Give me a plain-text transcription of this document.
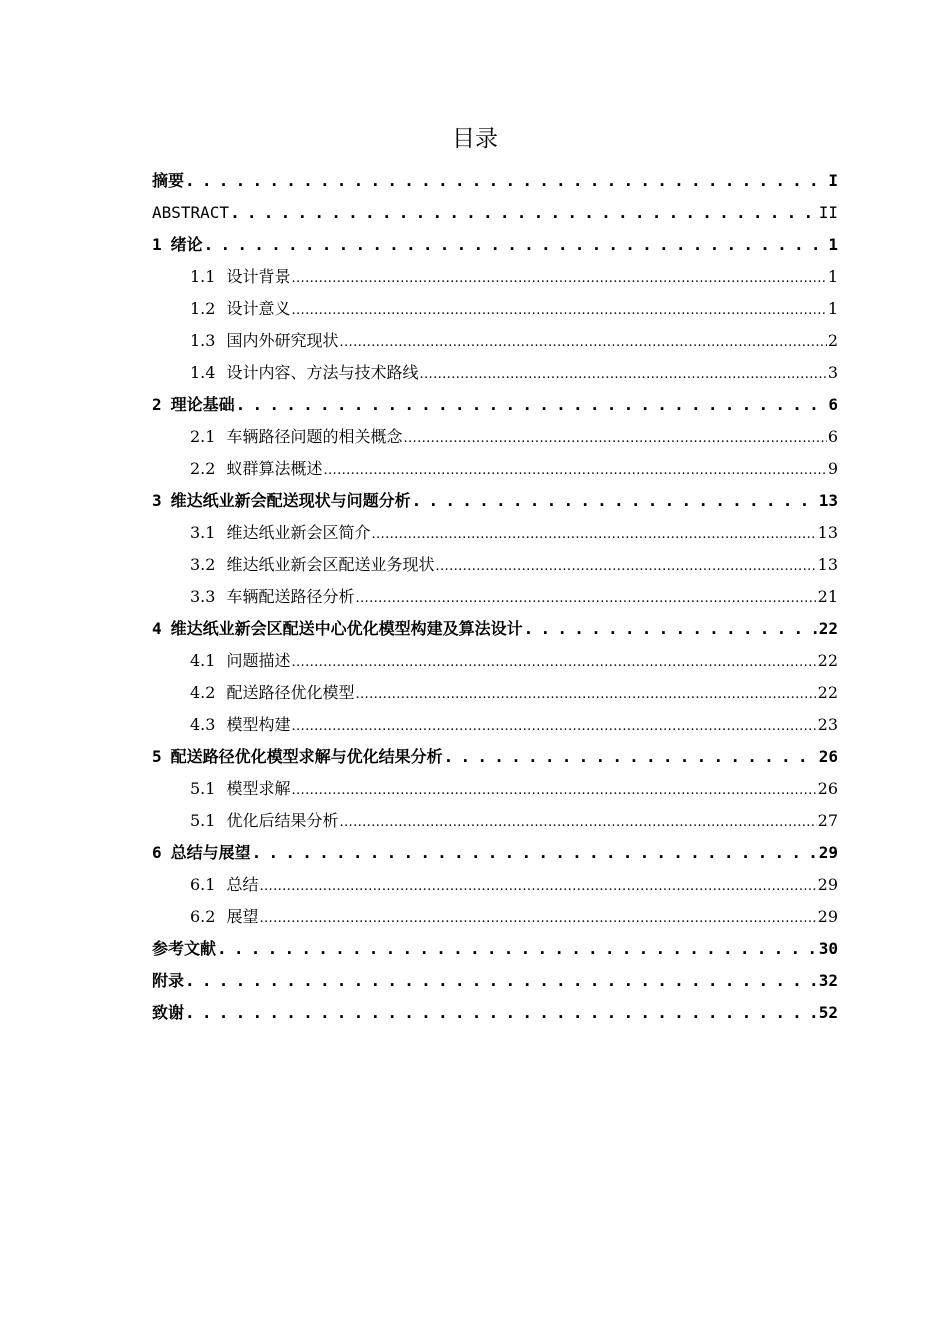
目录
摘要 . . .	I
ABSTRACT . . .	II
1 绪论 . . .	1
1.1 设计背景 .....	1
1.2 设计意义 .....	1
1.3 国内外研究现状 .....	2
1.4 设计内容、方法与技术路线 .....	3
2 理论基础 . . .	6
2.1 车辆路径问题的相关概念 .....	6
2.2 蚁群算法概述 .....	9
3 维达纸业新会配送现状与问题分析 . . .	13
3.1 维达纸业新会区简介 .....	13
3.2 维达纸业新会区配送业务现状 .....	13
3.3 车辆配送路径分析 .....	21
4 维达纸业新会区配送中心优化模型构建及算法设计 . . .	22
4.1 问题描述 .....	22
4.2 配送路径优化模型 .....	22
4.3 模型构建 .....	23
5 配送路径优化模型求解与优化结果分析 . . .	26
5.1 模型求解 .....	26
5.1 优化后结果分析 .....	27
6 总结与展望 . . .	29
6.1 总结 .....	29
6.2 展望 .....	29
参考文献 . . .	30
附录 . . .	32
致谢 . . .	52
